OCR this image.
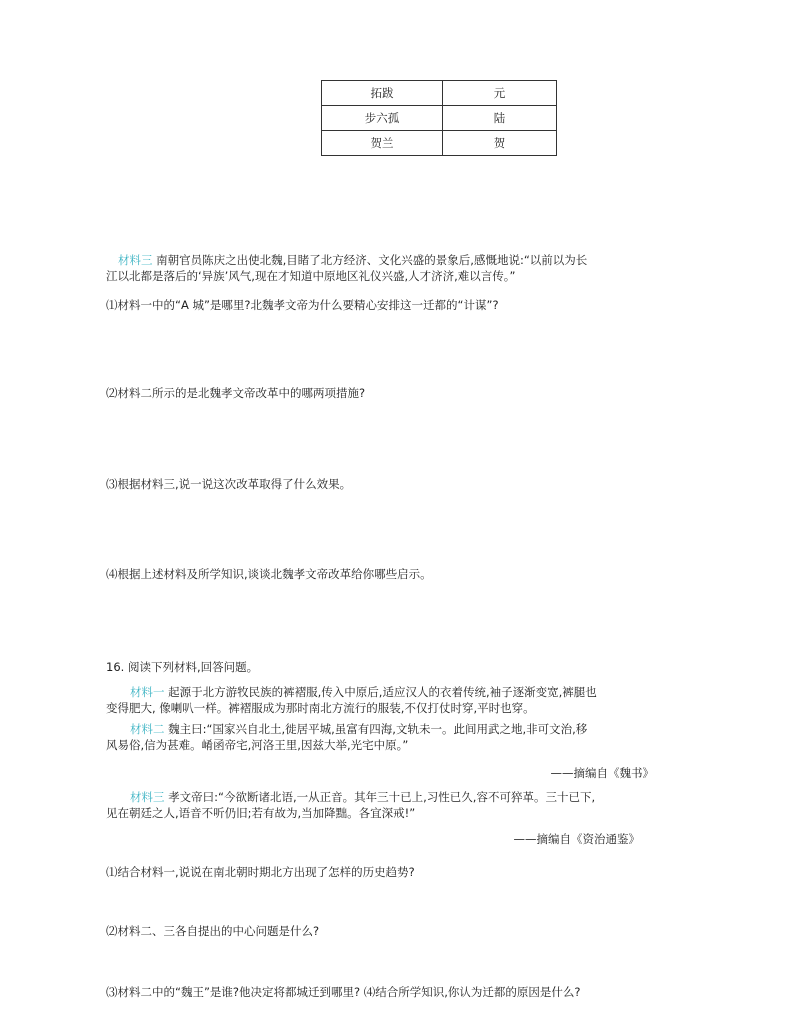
拓跋	元
步六孤	陆
贺兰	贺
材料三 南朝官员陈庆之出使北魏,目睹了北方经济、文化兴盛的景象后,感慨地说:“以前以为长
江以北都是落后的‘异族’风气,现在才知道中原地区礼仪兴盛,人才济济,难以言传。”
⑴材料一中的“A 城”是哪里?北魏孝文帝为什么要精心安排这一迁都的“计谋”?
⑵材料二所示的是北魏孝文帝改革中的哪两项措施?
⑶根据材料三,说一说这次改革取得了什么效果。
⑷根据上述材料及所学知识,谈谈北魏孝文帝改革给你哪些启示。
16. 阅读下列材料,回答问题。
材料一 起源于北方游牧民族的裤褶服,传入中原后,适应汉人的衣着传统,袖子逐渐变宽,裤腿也
变得肥大, 像喇叭一样。裤褶服成为那时南北方流行的服装,不仅打仗时穿,平时也穿。
材料二 魏主曰:“国家兴自北土,徙居平城,虽富有四海,文轨未一。此间用武之地,非可文治,移
风易俗,信为甚难。崤函帝宅,河洛王里,因兹大举,光宅中原。”
——摘编自《魏书》
材料三 孝文帝曰:“今欲断诸北语,一从正音。其年三十已上,习性已久,容不可猝革。三十已下,
见在朝廷之人,语音不听仍旧;若有故为,当加降黜。各宜深戒!”
——摘编自《资治通鉴》
⑴结合材料一,说说在南北朝时期北方出现了怎样的历史趋势?
⑵材料二、三各自提出的中心问题是什么?
⑶材料二中的“魏王”是谁?他决定将都城迁到哪里? ⑷结合所学知识,你认为迁都的原因是什么?
